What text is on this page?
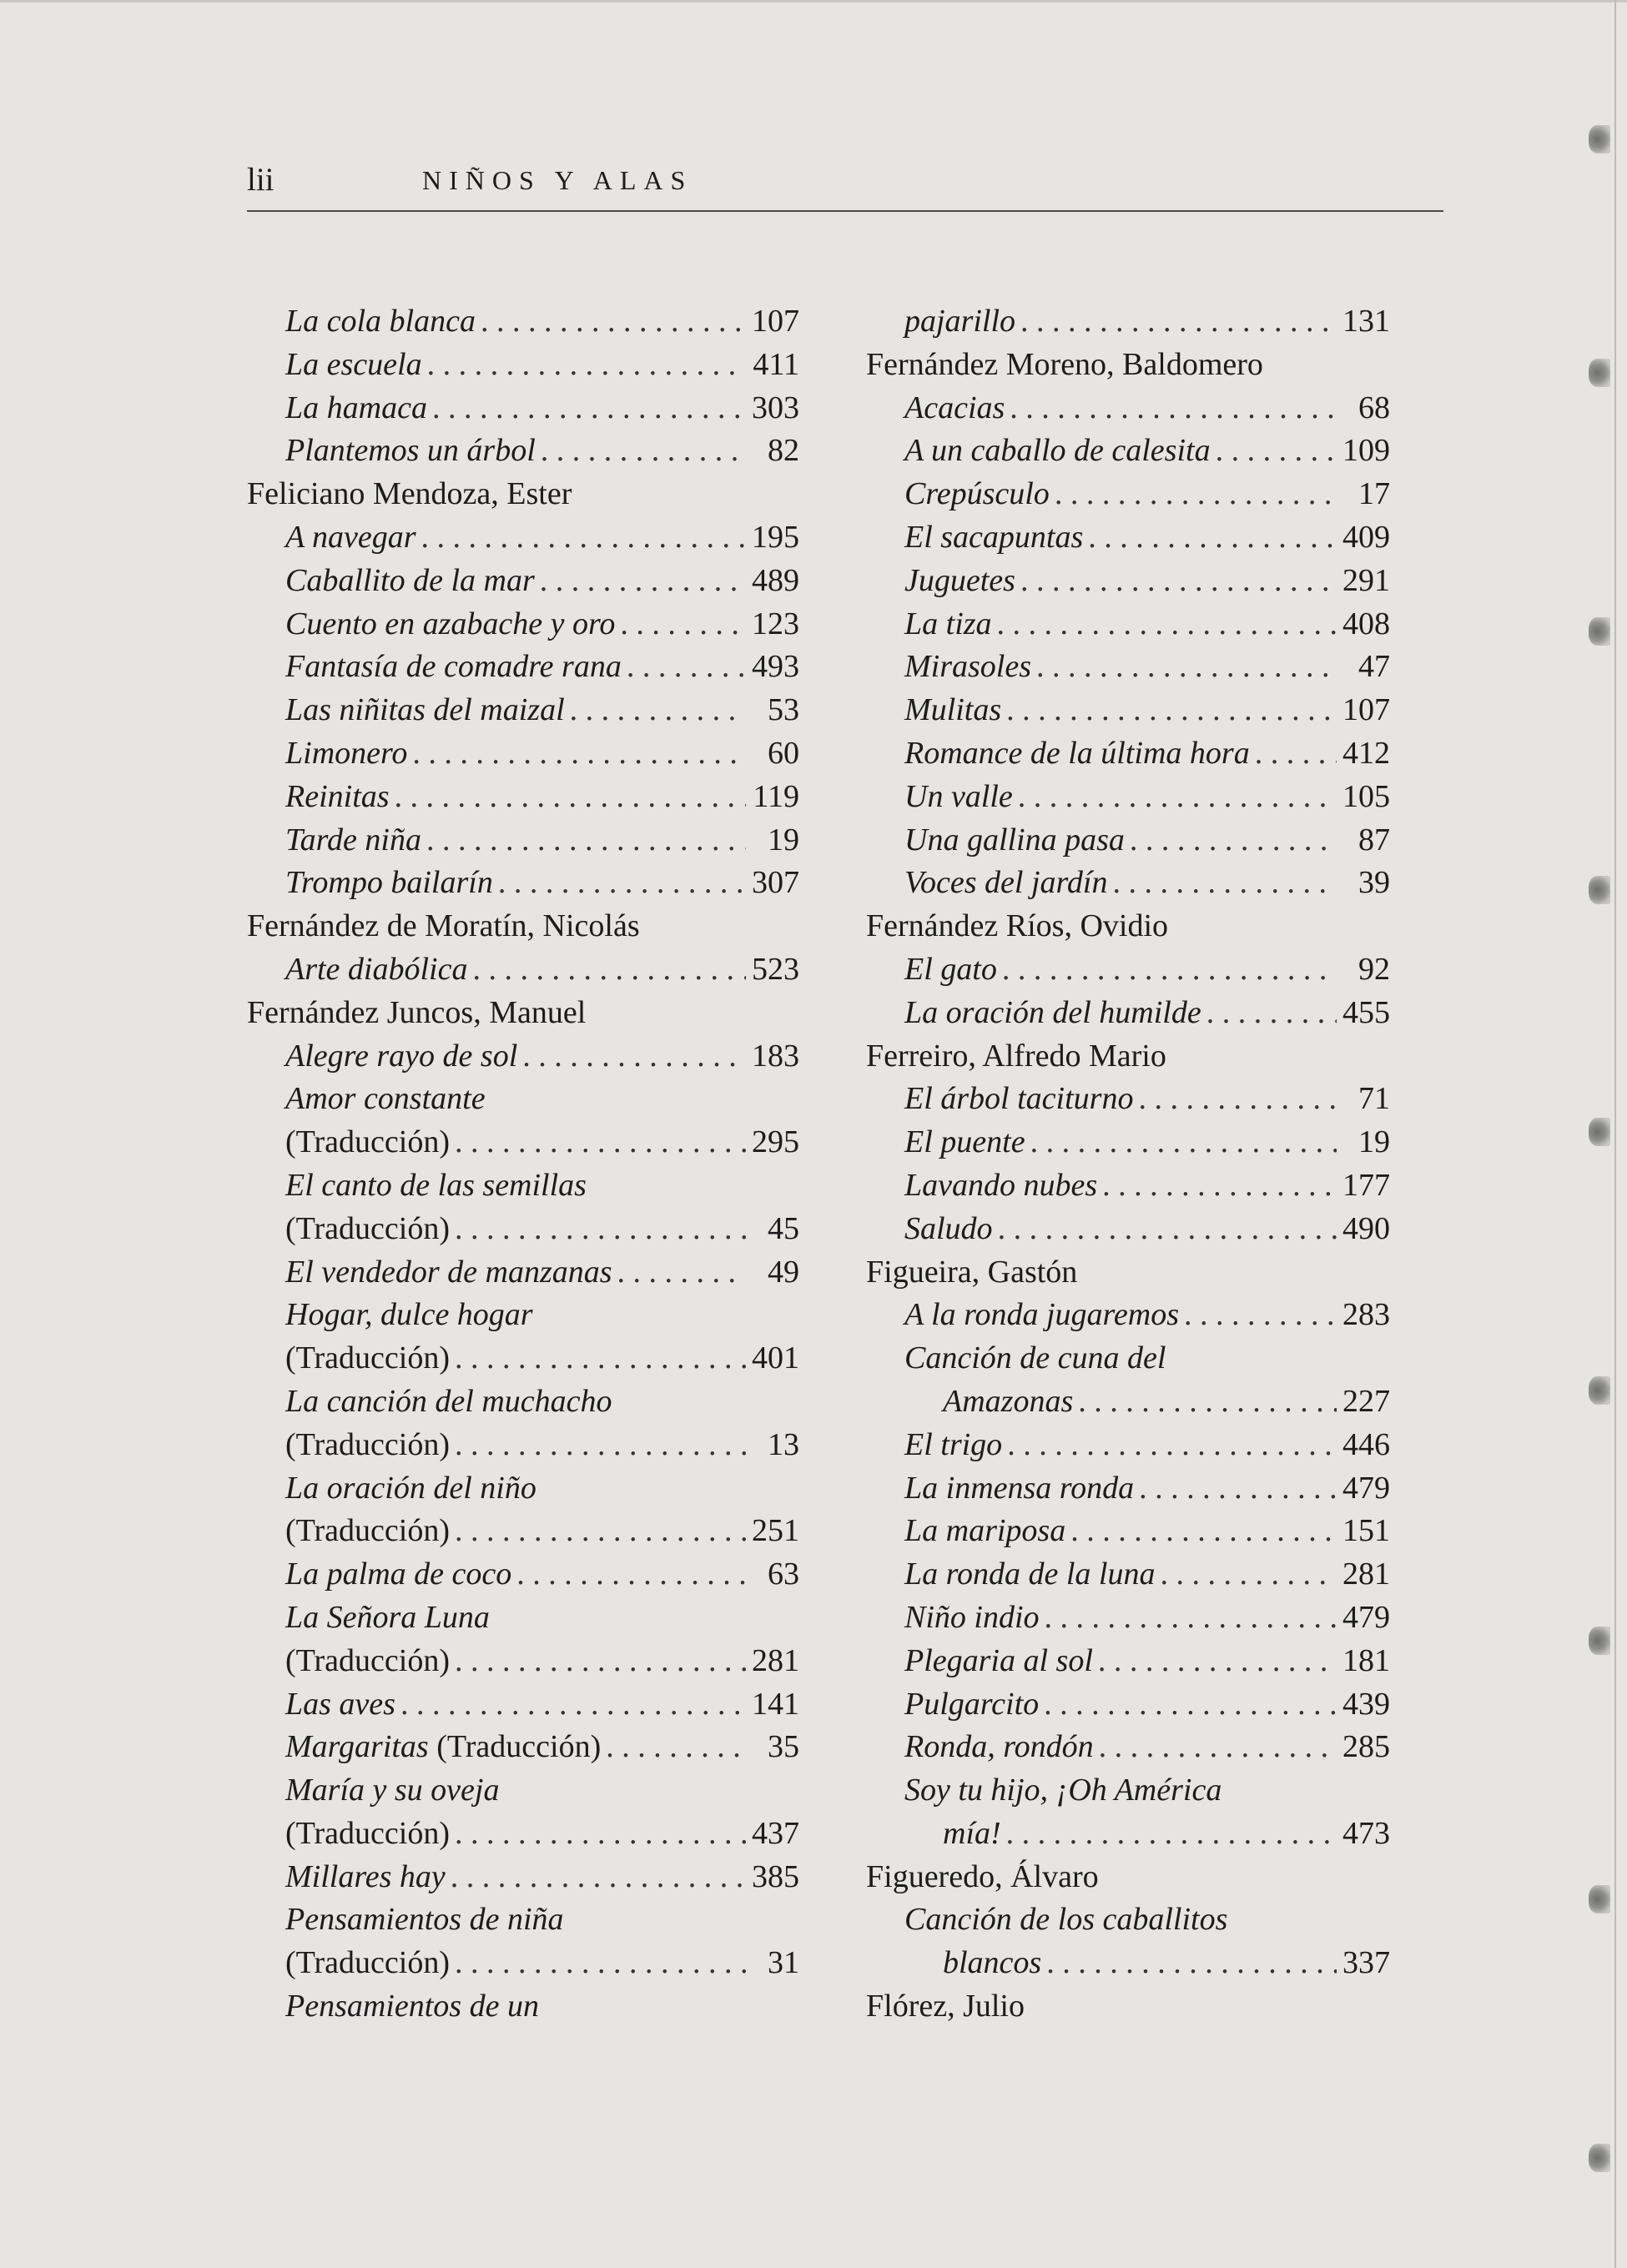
lii	NIÑOS Y ALAS
La cola blanca . . .	107
La escuela . . .	411
La hamaca . . .	303
Plantemos un árbol . . .	82
Feliciano Mendoza, Ester
A navegar . . .	195
Caballito de la mar . . .	489
Cuento en azabache y oro . . .	123
Fantasía de comadre rana . . .	493
Las niñitas del maizal . . .	53
Limonero . . .	60
Reinitas . . .	119
Tarde niña . . .	19
Trompo bailarín . . .	307
Fernández de Moratín, Nicolás
Arte diabólica . . .	523
Fernández Juncos, Manuel
Alegre rayo de sol . . .	183
Amor constante
(Traducción) . . .	295
El canto de las semillas
(Traducción) . . .	45
El vendedor de manzanas . . .	49
Hogar, dulce hogar
(Traducción) . . .	401
La canción del muchacho
(Traducción) . . .	13
La oración del niño
(Traducción) . . .	251
La palma de coco . . .	63
La Señora Luna
(Traducción) . . .	281
Las aves . . .	141
Margaritas (Traducción) . . .	35
María y su oveja
(Traducción) . . .	437
Millares hay . . .	385
Pensamientos de niña
(Traducción) . . .	31
Pensamientos de un
pajarillo . . .	131
Fernández Moreno, Baldomero
Acacias . . .	68
A un caballo de calesita . . .	109
Crepúsculo . . .	17
El sacapuntas . . .	409
Juguetes . . .	291
La tiza . . .	408
Mirasoles . . .	47
Mulitas . . .	107
Romance de la última hora . . .	412
Un valle . . .	105
Una gallina pasa . . .	87
Voces del jardín . . .	39
Fernández Ríos, Ovidio
El gato . . .	92
La oración del humilde . . .	455
Ferreiro, Alfredo Mario
El árbol taciturno . . .	71
El puente . . .	19
Lavando nubes . . .	177
Saludo . . .	490
Figueira, Gastón
A la ronda jugaremos . . .	283
Canción de cuna del
Amazonas . . .	227
El trigo . . .	446
La inmensa ronda . . .	479
La mariposa . . .	151
La ronda de la luna . . .	281
Niño indio . . .	479
Plegaria al sol . . .	181
Pulgarcito . . .	439
Ronda, rondón . . .	285
Soy tu hijo, ¡Oh América
mía! . . .	473
Figueredo, Álvaro
Canción de los caballitos
blancos . . .	337
Flórez, Julio
